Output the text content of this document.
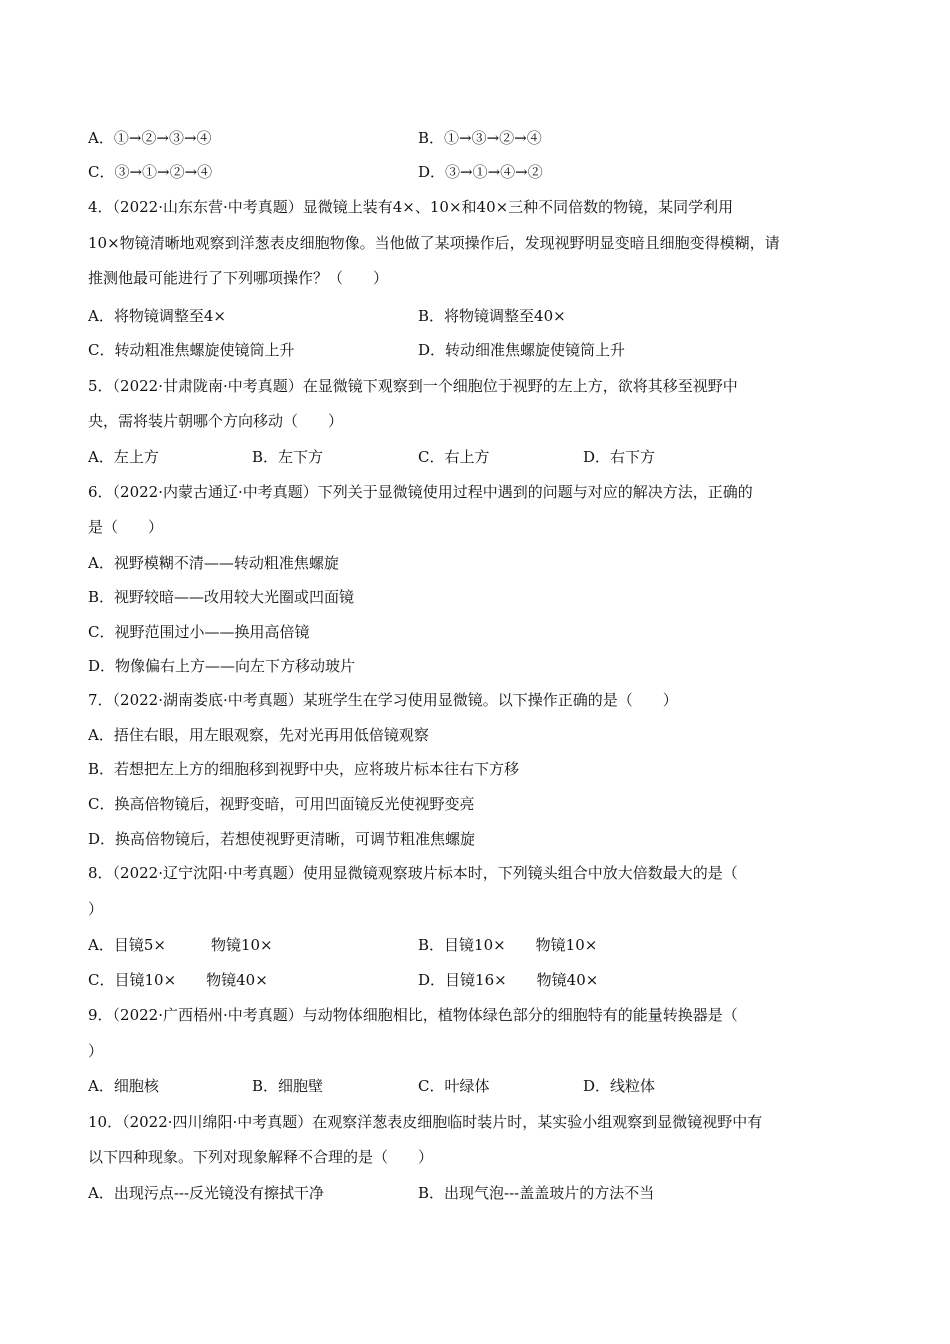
A．①→②→③→④	B．①→③→②→④
C．③→①→②→④	D．③→①→④→②
4．（2022·山东东营·中考真题）显微镜上装有4×、10×和40×三种不同倍数的物镜，某同学利用
10×物镜清晰地观察到洋葱表皮细胞物像。当他做了某项操作后，发现视野明显变暗且细胞变得模糊，请
推测他最可能进行了下列哪项操作？（　　）
A．将物镜调整至4×	B．将物镜调整至40×
C．转动粗准焦螺旋使镜筒上升	D．转动细准焦螺旋使镜筒上升
5．（2022·甘肃陇南·中考真题）在显微镜下观察到一个细胞位于视野的左上方，欲将其移至视野中
央，需将装片朝哪个方向移动（　　）
A．左上方	B．左下方	C．右上方	D．右下方
6．（2022·内蒙古通辽·中考真题）下列关于显微镜使用过程中遇到的问题与对应的解决方法，正确的
是（　　）
A．视野模糊不清——转动粗准焦螺旋
B．视野较暗——改用较大光圈或凹面镜
C．视野范围过小——换用高倍镜
D．物像偏右上方——向左下方移动玻片
7．（2022·湖南娄底·中考真题）某班学生在学习使用显微镜。以下操作正确的是（　　）
A．捂住右眼，用左眼观察，先对光再用低倍镜观察
B．若想把左上方的细胞移到视野中央，应将玻片标本往右下方移
C．换高倍物镜后，视野变暗，可用凹面镜反光使视野变亮
D．换高倍物镜后，若想使视野更清晰，可调节粗准焦螺旋
8．（2022·辽宁沈阳·中考真题）使用显微镜观察玻片标本时，下列镜头组合中放大倍数最大的是（
）
A．目镜5×　　　物镜10×	B．目镜10×　　物镜10×
C．目镜10×　　物镜40×	D．目镜16×　　物镜40×
9．（2022·广西梧州·中考真题）与动物体细胞相比，植物体绿色部分的细胞特有的能量转换器是（
）
A．细胞核	B．细胞壁	C．叶绿体	D．线粒体
10．（2022·四川绵阳·中考真题）在观察洋葱表皮细胞临时装片时，某实验小组观察到显微镜视野中有
以下四种现象。下列对现象解释不合理的是（　　）
A．出现污点---反光镜没有擦拭干净	B．出现气泡---盖盖玻片的方法不当
